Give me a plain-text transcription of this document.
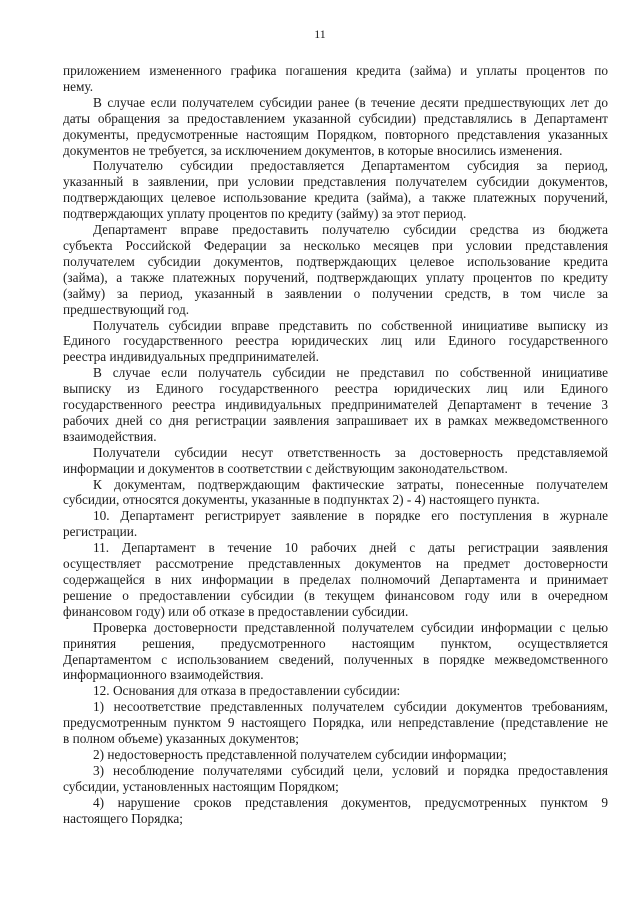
11
приложением измененного графика погашения кредита (займа) и уплаты процентов по
нему.
В случае если получателем субсидии ранее (в течение десяти предшествующих лет до
даты обращения за предоставлением указанной субсидии) представлялись в Департамент
документы, предусмотренные настоящим Порядком, повторного представления указанных
документов не требуется, за исключением документов, в которые вносились изменения.
Получателю субсидии предоставляется Департаментом субсидия за период,
указанный в заявлении, при условии представления получателем субсидии документов,
подтверждающих целевое использование кредита (займа), а также платежных поручений,
подтверждающих уплату процентов по кредиту (займу) за этот период.
Департамент вправе предоставить получателю субсидии средства из бюджета
субъекта Российской Федерации за несколько месяцев при условии представления
получателем субсидии документов, подтверждающих целевое использование кредита
(займа), а также платежных поручений, подтверждающих уплату процентов по кредиту
(займу) за период, указанный в заявлении о получении средств, в том числе за
предшествующий год.
Получатель субсидии вправе представить по собственной инициативе выписку из
Единого государственного реестра юридических лиц или Единого государственного
реестра индивидуальных предпринимателей.
В случае если получатель субсидии не представил по собственной инициативе
выписку из Единого государственного реестра юридических лиц или Единого
государственного реестра индивидуальных предпринимателей Департамент в течение 3
рабочих дней со дня регистрации заявления запрашивает их в рамках межведомственного
взаимодействия.
Получатели субсидии несут ответственность за достоверность представляемой
информации и документов в соответствии с действующим законодательством.
К документам, подтверждающим фактические затраты, понесенные получателем
субсидии, относятся документы, указанные в подпунктах 2) - 4) настоящего пункта.
10. Департамент регистрирует заявление в порядке его поступления в журнале
регистрации.
11. Департамент в течение 10 рабочих дней с даты регистрации заявления
осуществляет рассмотрение представленных документов на предмет достоверности
содержащейся в них информации в пределах полномочий Департамента и принимает
решение о предоставлении субсидии (в текущем финансовом году или в очередном
финансовом году) или об отказе в предоставлении субсидии.
Проверка достоверности представленной получателем субсидии информации с целью
принятия решения, предусмотренного настоящим пунктом, осуществляется
Департаментом с использованием сведений, полученных в порядке межведомственного
информационного взаимодействия.
12. Основания для отказа в предоставлении субсидии:
1) несоответствие представленных получателем субсидии документов требованиям,
предусмотренным пунктом 9 настоящего Порядка, или непредставление (представление не
в полном объеме) указанных документов;
2) недостоверность представленной получателем субсидии информации;
3) несоблюдение получателями субсидий цели, условий и порядка предоставления
субсидии, установленных настоящим Порядком;
4) нарушение сроков представления документов, предусмотренных пунктом 9
настоящего Порядка;
